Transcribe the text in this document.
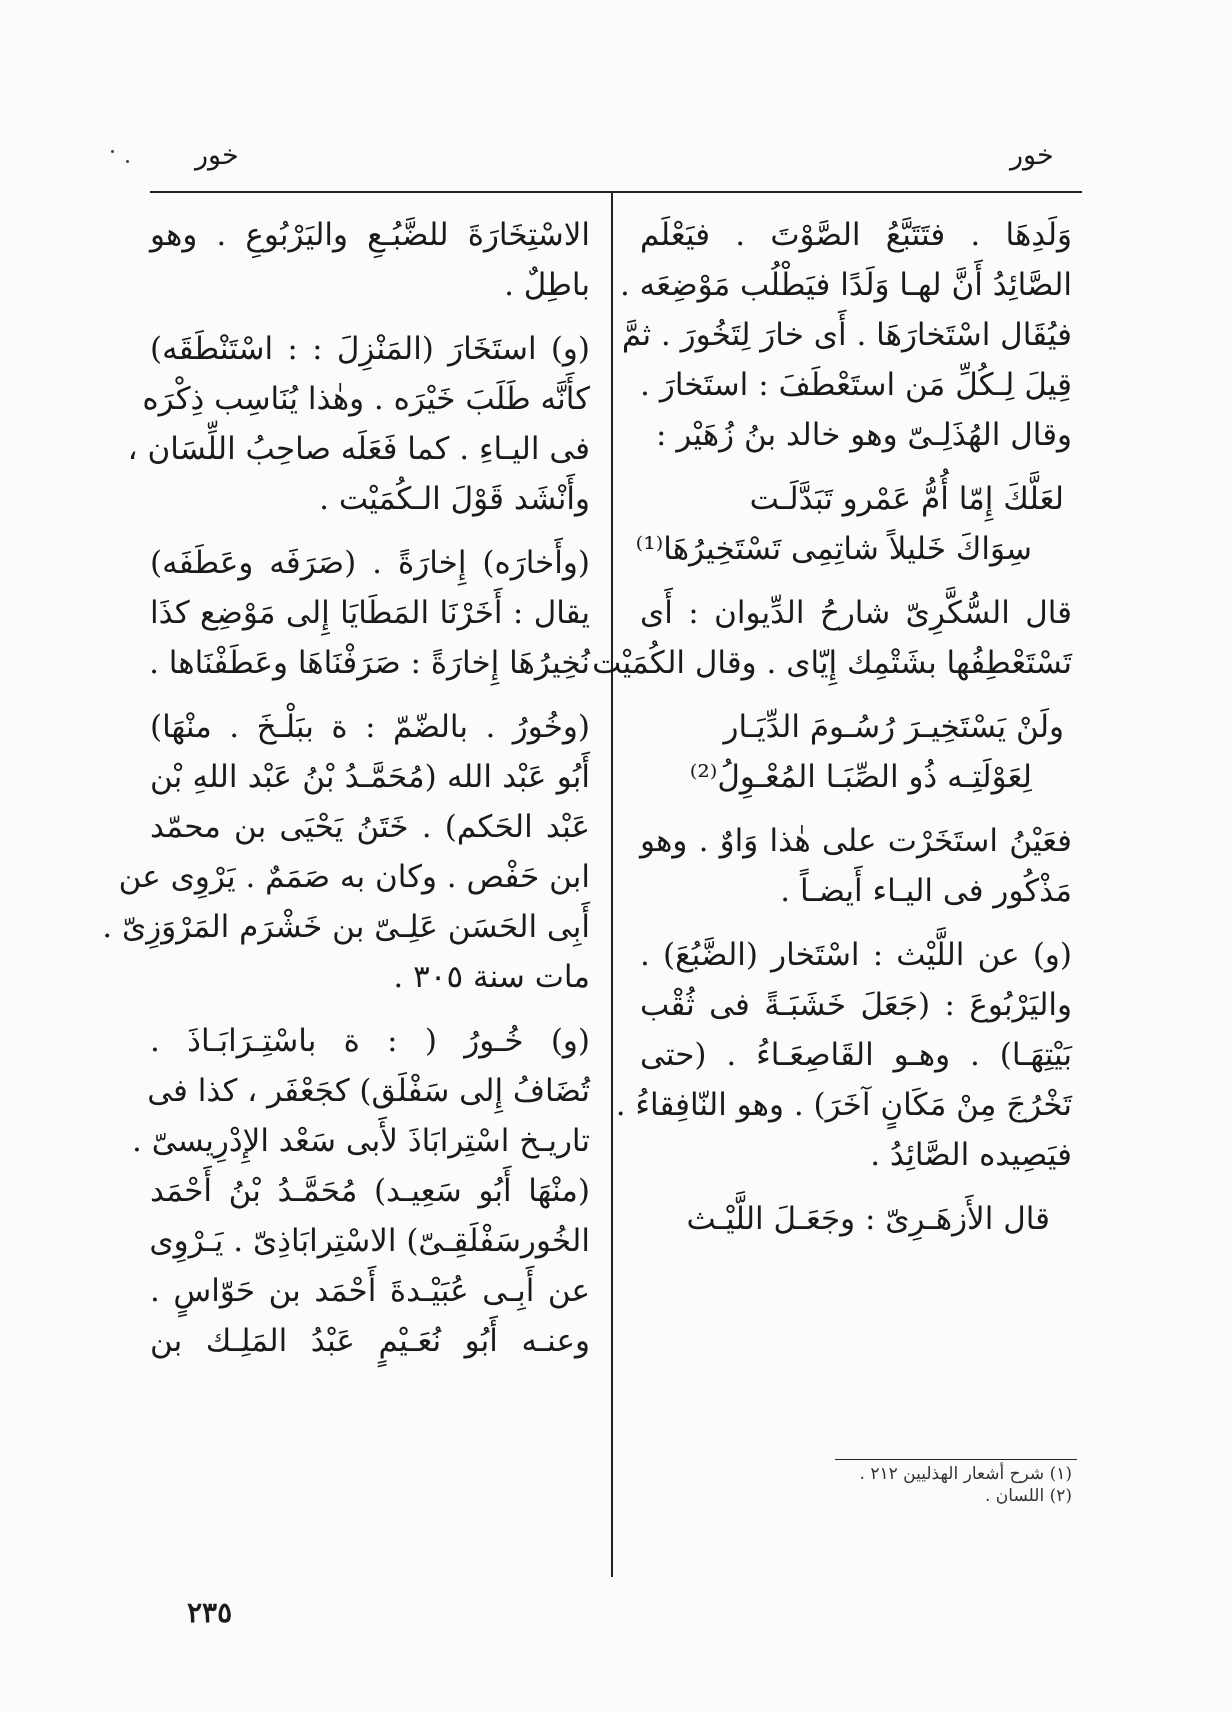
خور
خور
وَلَدِهَا . فتَتَبَّعُ الصَّوْتَ . فيَعْلَم
الصَّائِدُ أَنَّ لهـا وَلَدًا فيَطْلُب مَوْضِعَه .
فيُقَال اسْتَخارَهَا . أَى خارَ لِتَخُورَ . ثمَّ
قِيلَ لِـكُلِّ مَن استَعْطَفَ : استَخارَ .
وقال الهُذَلِـىّ وهو خالد بنُ زُهَيْر :
لعَلَّكَ إِمّا أُمُّ عَمْرو تَبَدَّلَـت
سِوَاكَ خَليلاً شاتِمِى تَسْتَخِيرُهَا⁽¹⁾
قال السُّكَّرِىّ شارحُ الدِّيوان : أَى
تَسْتَعْطِفُها بشَتْمِك إِيّاى . وقال الكُمَيْت
ولَنْ يَسْتَخِيـرَ رُسُـومَ الدِّيَـار
لِعَوْلَتِـه ذُو الصِّبَـا المُعْـوِلُ⁽²⁾
فعَيْنُ استَخَرْت على هٰذا وَاوٌ . وهو
مَذْكُور فى اليـاء أَيضـاً .
(و) عن اللَّيْث : اسْتَخار (الضَّبُعَ) .
واليَرْبُوعَ : (جَعَلَ خَشَبَـةً فى ثُقْب
بَيْتِهَـا) . وهـو القَاصِعَـاءُ . (حتى
تَخْرُجَ مِنْ مَكَانٍ آخَرَ) . وهو النّافِقاءُ .
فيَصِيده الصَّائِدُ .
قال الأَزهَـرِىّ : وجَعَـلَ اللَّيْـث
الاسْتِخَارَةَ للضَّبُـعِ واليَرْبُوعِ . وهو
باطِلٌ .
(و) استَخَارَ (المَنْزِلَ : : اسْتَنْطَقَه)
كأَنَّه طَلَبَ خَيْرَه . وهٰذا يُنَاسِب ذِكْرَه
فى اليـاءِ . كما فَعَلَه صاحِبُ اللِّسَان ،
وأَنْشَد قَوْلَ الـكُمَيْت .
(وأَخارَه) إِخارَةً . (صَرَفَه وعَطَفَه)
يقال : أَخَرْنَا المَطَايَا إِلى مَوْضِع كذَا
نُخِيرُهَا إِخارَةً : صَرَفْنَاهَا وعَطَفْنَاها .
(وخُورُ . بالضّمّ : ة ببَلْـخَ . منْهَا)
أَبُو عَبْد الله (مُحَمَّـدُ بْنُ عَبْد اللهِ بْن
عَبْد الحَكم) . خَتَنُ يَحْيَى بن محمّد
ابن حَفْص . وكان به صَمَمٌ . يَرْوِى عن
أَبِى الحَسَن عَلِـىّ بن خَشْرَم المَرْوَزِىّ .
مات سنة ٣٠٥ .
(و) خُـورُ ( : ة باسْتِـرَابَـاذَ .
تُضَافُ إِلى سَفْلَق) كجَعْفَر ، كذا فى
تاريـخ اسْتِرابَاذَ لأَبى سَعْد الإِدْرِيسىّ .
(منْهَا أَبُو سَعِيـد) مُحَمَّـدُ بْنُ أَحْمَد
الخُورسَفْلَقِـىّ) الاسْتِرابَاذِىّ . يَـرْوِى
عن أَبِـى عُبَيْـدةَ أَحْمَد بن حَوّاسٍ .
وعنـه أَبُو نُعَـيْمٍ عَبْدُ المَلِـك بن
(١) شرح أشعار الهذليين ٢١٢ .
(٢) اللسان .
٢٣٥
